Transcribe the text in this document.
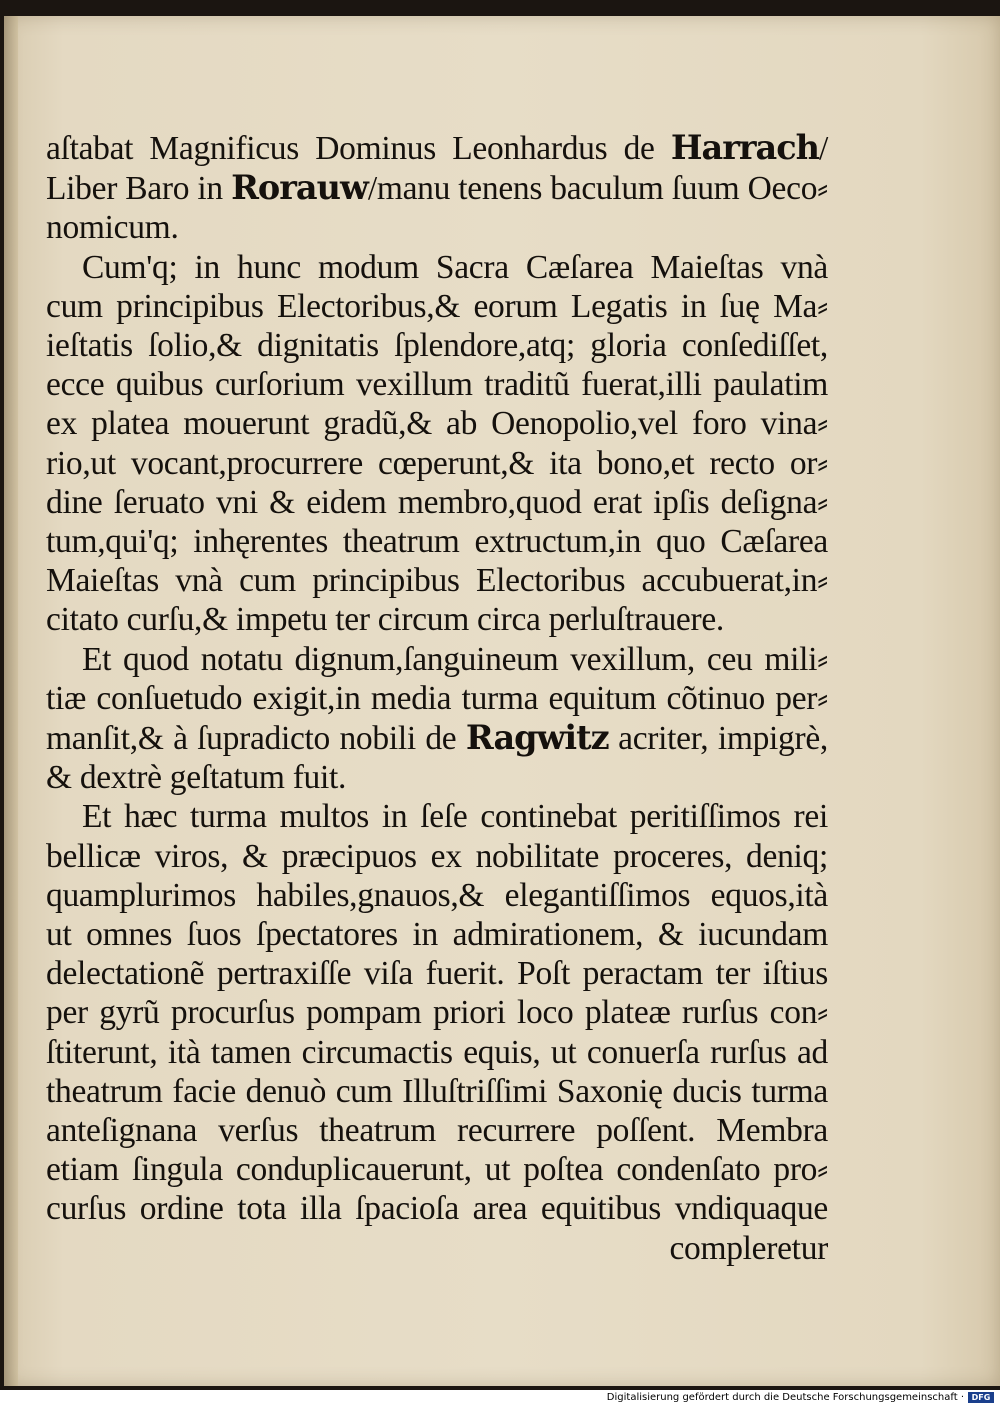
aſtabat Magnificus Dominus Leonhardus de Harrach/
Liber Baro in Rorauw/manu tenens baculum ſuum Oeco⸗
nomicum.
Cum'q; in hunc modum Sacra Cæſarea Maieſtas vnà
cum principibus Electoribus,& eorum Legatis in ſuę Ma⸗
ieſtatis ſolio,& dignitatis ſplendore,atq; gloria conſediſſet,
ecce quibus curſorium vexillum traditũ fuerat,illi paulatim
ex platea mouerunt gradũ,& ab Oenopolio,vel foro vina⸗
rio,ut vocant,procurrere cœperunt,& ita bono,et recto or⸗
dine ſeruato vni & eidem membro,quod erat ipſis deſigna⸗
tum,qui'q; inhęrentes theatrum extructum,in quo Cæſarea
Maieſtas vnà cum principibus Electoribus accubuerat,in⸗
citato curſu,& impetu ter circum circa perluſtrauere.
Et quod notatu dignum,ſanguineum vexillum, ceu mili⸗
tiæ conſuetudo exigit,in media turma equitum cõtinuo per⸗
manſit,& à ſupradicto nobili de Ragwitz acriter, impigrè,
& dextrè geſtatum fuit.
Et hæc turma multos in ſeſe continebat peritiſſimos rei
bellicæ viros, & præcipuos ex nobilitate proceres, deniq;
quamplurimos habiles,gnauos,& elegantiſſimos equos,ità
ut omnes ſuos ſpectatores in admirationem, & iucundam
delectationẽ pertraxiſſe viſa fuerit. Poſt peractam ter iſtius
per gyrũ procurſus pompam priori loco plateæ rurſus con⸗
ſtiterunt, ità tamen circumactis equis, ut conuerſa rurſus ad
theatrum facie denuò cum Illuſtriſſimi Saxonię ducis turma
anteſignana verſus theatrum recurrere poſſent. Membra
etiam ſingula conduplicauerunt, ut poſtea condenſato pro⸗
curſus ordine tota illa ſpacioſa area equitibus vndiquaque
compleretur
Digitalisierung gefördert durch die Deutsche Forschungsgemeinschaft · DFG
